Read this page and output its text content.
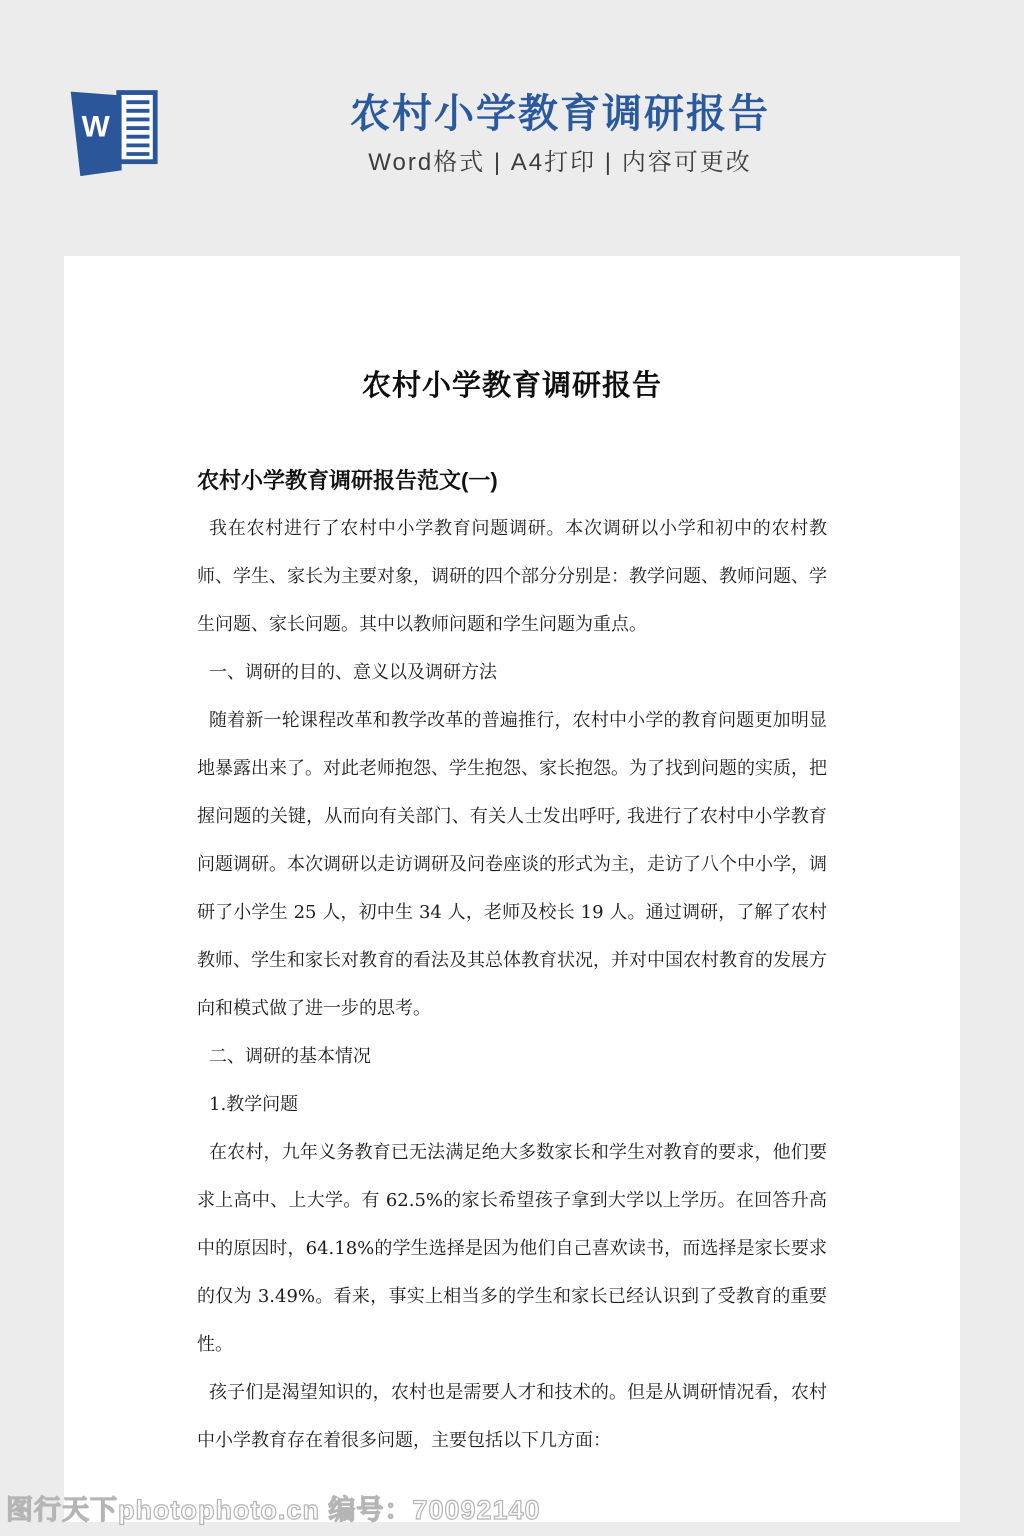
W	农村小学教育调研报告
Word格式 | A4打印 | 内容可更改
农村小学教育调研报告

农村小学教育调研报告范文(一)

我在农村进行了农村中小学教育问题调研。本次调研以小学和初中的农村教师、学生、家长为主要对象，调研的四个部分分别是：教学问题、教师问题、学生问题、家长问题。其中以教师问题和学生问题为重点。

一、调研的目的、意义以及调研方法

随着新一轮课程改革和教学改革的普遍推行，农村中小学的教育问题更加明显地暴露出来了。对此老师抱怨、学生抱怨、家长抱怨。为了找到问题的实质，把握问题的关键，从而向有关部门、有关人士发出呼吁, 我进行了农村中小学教育问题调研。本次调研以走访调研及问卷座谈的形式为主，走访了八个中小学，调研了小学生 25 人，初中生 34 人，老师及校长 19 人。通过调研，了解了农村教师、学生和家长对教育的看法及其总体教育状况，并对中国农村教育的发展方向和模式做了进一步的思考。

二、调研的基本情况

1.教学问题

在农村，九年义务教育已无法满足绝大多数家长和学生对教育的要求，他们要求上高中、上大学。有 62.5%的家长希望孩子拿到大学以上学历。在回答升高中的原因时，64.18%的学生选择是因为他们自己喜欢读书，而选择是家长要求的仅为 3.49%。看来，事实上相当多的学生和家长已经认识到了受教育的重要性。

孩子们是渴望知识的，农村也是需要人才和技术的。但是从调研情况看，农村中小学教育存在着很多问题，主要包括以下几方面：

图行天下photophoto.cn 编号：70092140
